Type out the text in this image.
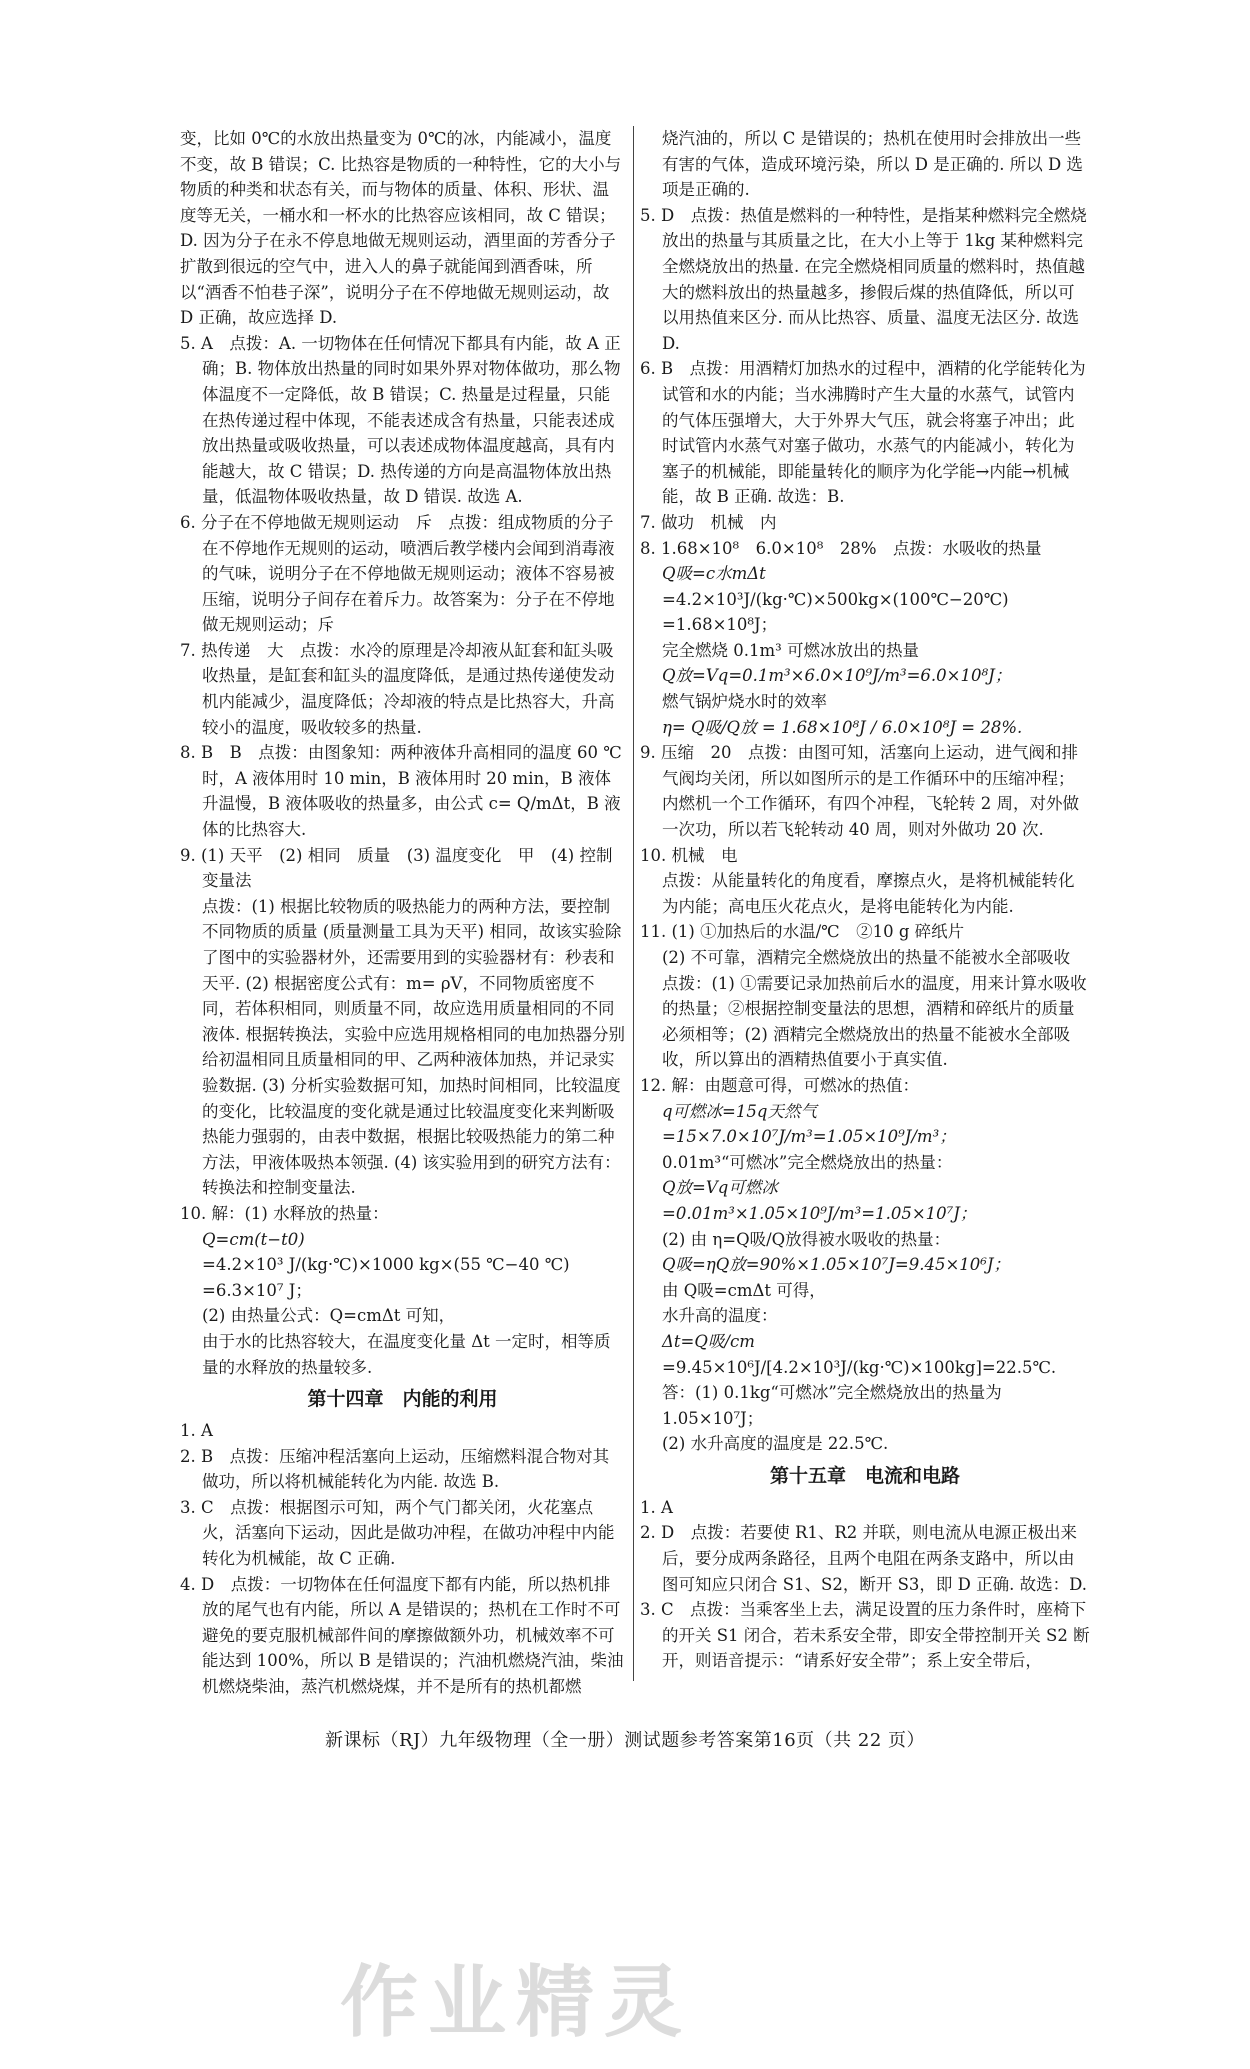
变，比如 0℃的水放出热量变为 0℃的冰，内能减小，温度不变，故 B 错误；C. 比热容是物质的一种特性，它的大小与物质的种类和状态有关，而与物体的质量、体积、形状、温度等无关，一桶水和一杯水的比热容应该相同，故 C 错误；D. 因为分子在永不停息地做无规则运动，酒里面的芳香分子扩散到很远的空气中，进入人的鼻子就能闻到酒香味，所以“酒香不怕巷子深”，说明分子在不停地做无规则运动，故 D 正确，故应选择 D.

5. A　点拨：A. 一切物体在任何情况下都具有内能，故 A 正确；B. 物体放出热量的同时如果外界对物体做功，那么物体温度不一定降低，故 B 错误；C. 热量是过程量，只能在热传递过程中体现，不能表述成含有热量，只能表述成放出热量或吸收热量，可以表述成物体温度越高，具有内能越大，故 C 错误；D. 热传递的方向是高温物体放出热量，低温物体吸收热量，故 D 错误. 故选 A.

6. 分子在不停地做无规则运动　斥　点拨：组成物质的分子在不停地作无规则的运动，喷洒后教学楼内会闻到消毒液的气味，说明分子在不停地做无规则运动；液体不容易被压缩，说明分子间存在着斥力。故答案为：分子在不停地做无规则运动；斥

7. 热传递　大　点拨：水冷的原理是冷却液从缸套和缸头吸收热量，是缸套和缸头的温度降低，是通过热传递使发动机内能减少，温度降低；冷却液的特点是比热容大，升高较小的温度，吸收较多的热量.

8. B　B　点拨：由图象知：两种液体升高相同的温度 60 ℃时，A 液体用时 10 min，B 液体用时 20 min，B 液体升温慢，B 液体吸收的热量多，由公式 c= Q/mΔt，B 液体的比热容大.

9. (1) 天平　(2) 相同　质量　(3) 温度变化　甲　(4) 控制变量法

点拨：(1) 根据比较物质的吸热能力的两种方法，要控制不同物质的质量 (质量测量工具为天平) 相同，故该实验除了图中的实验器材外，还需要用到的实验器材有：秒表和天平. (2) 根据密度公式有：m= ρV，不同物质密度不同，若体积相同，则质量不同，故应选用质量相同的不同液体. 根据转换法，实验中应选用规格相同的电加热器分别给初温相同且质量相同的甲、乙两种液体加热，并记录实验数据. (3) 分析实验数据可知，加热时间相同，比较温度的变化，比较温度的变化就是通过比较温度变化来判断吸热能力强弱的，由表中数据，根据比较吸热能力的第二种方法，甲液体吸热本领强. (4) 该实验用到的研究方法有：转换法和控制变量法.

10. 解：(1) 水释放的热量：

Q=cm(t−t0)

=4.2×10³ J/(kg·℃)×1000 kg×(55 ℃−40 ℃)

=6.3×10⁷ J；

(2) 由热量公式：Q=cmΔt 可知，

由于水的比热容较大，在温度变化量 Δt 一定时，相等质量的水释放的热量较多.

第十四章　内能的利用

1. A

2. B　点拨：压缩冲程活塞向上运动，压缩燃料混合物对其做功，所以将机械能转化为内能. 故选 B.

3. C　点拨：根据图示可知，两个气门都关闭，火花塞点火，活塞向下运动，因此是做功冲程，在做功冲程中内能转化为机械能，故 C 正确.

4. D　点拨：一切物体在任何温度下都有内能，所以热机排放的尾气也有内能，所以 A 是错误的；热机在工作时不可避免的要克服机械部件间的摩擦做额外功，机械效率不可能达到 100%，所以 B 是错误的；汽油机燃烧汽油，柴油机燃烧柴油，蒸汽机燃烧煤，并不是所有的热机都燃

烧汽油的，所以 C 是错误的；热机在使用时会排放出一些有害的气体，造成环境污染，所以 D 是正确的. 所以 D 选项是正确的.

5. D　点拨：热值是燃料的一种特性，是指某种燃料完全燃烧放出的热量与其质量之比，在大小上等于 1kg 某种燃料完全燃烧放出的热量. 在完全燃烧相同质量的燃料时，热值越大的燃料放出的热量越多，掺假后煤的热值降低，所以可以用热值来区分. 而从比热容、质量、温度无法区分. 故选 D.

6. B　点拨：用酒精灯加热水的过程中，酒精的化学能转化为试管和水的内能；当水沸腾时产生大量的水蒸气，试管内的气体压强增大，大于外界大气压，就会将塞子冲出；此时试管内水蒸气对塞子做功，水蒸气的内能减小，转化为塞子的机械能，即能量转化的顺序为化学能→内能→机械能，故 B 正确. 故选：B.

7. 做功　机械　内

8. 1.68×10⁸　6.0×10⁸　28%　点拨：水吸收的热量

Q吸=c水mΔt

=4.2×10³J/(kg·℃)×500kg×(100℃−20℃)

=1.68×10⁸J；

完全燃烧 0.1m³ 可燃冰放出的热量

Q放=Vq=0.1m³×6.0×10⁹J/m³=6.0×10⁸J；

燃气锅炉烧水时的效率

η= Q吸/Q放 = 1.68×10⁸J / 6.0×10⁸J = 28%.

9. 压缩　20　点拨：由图可知，活塞向上运动，进气阀和排气阀均关闭，所以如图所示的是工作循环中的压缩冲程；内燃机一个工作循环，有四个冲程，飞轮转 2 周，对外做一次功，所以若飞轮转动 40 周，则对外做功 20 次.

10. 机械　电

点拨：从能量转化的角度看，摩擦点火，是将机械能转化为内能；高电压火花点火，是将电能转化为内能.

11. (1) ①加热后的水温/℃　②10 g 碎纸片

(2) 不可靠，酒精完全燃烧放出的热量不能被水全部吸收　点拨：(1) ①需要记录加热前后水的温度，用来计算水吸收的热量；②根据控制变量法的思想，酒精和碎纸片的质量必须相等；(2) 酒精完全燃烧放出的热量不能被水全部吸收，所以算出的酒精热值要小于真实值.

12. 解：由题意可得，可燃冰的热值：

q可燃冰=15q天然气=15×7.0×10⁷J/m³=1.05×10⁹J/m³；

0.01m³“可燃冰”完全燃烧放出的热量：

Q放=Vq可燃冰=0.01m³×1.05×10⁹J/m³=1.05×10⁷J；

(2) 由 η=Q吸/Q放得被水吸收的热量：

Q吸=ηQ放=90%×1.05×10⁷J=9.45×10⁶J；

由 Q吸=cmΔt 可得，

水升高的温度：

Δt=Q吸/cm

=9.45×10⁶J/[4.2×10³J/(kg·℃)×100kg]=22.5℃.

答：(1) 0.1kg“可燃冰”完全燃烧放出的热量为 1.05×10⁷J；

(2) 水升高度的温度是 22.5℃.

第十五章　电流和电路

1. A

2. D　点拨：若要使 R1、R2 并联，则电流从电源正极出来后，要分成两条路径，且两个电阻在两条支路中，所以由图可知应只闭合 S1、S2，断开 S3，即 D 正确. 故选：D.

3. C　点拨：当乘客坐上去，满足设置的压力条件时，座椅下的开关 S1 闭合，若未系安全带，即安全带控制开关 S2 断开，则语音提示：“请系好安全带”；系上安全带后，

新课标（RJ）九年级物理（全一册）测试题参考答案第16页（共 22 页）
作业精灵
